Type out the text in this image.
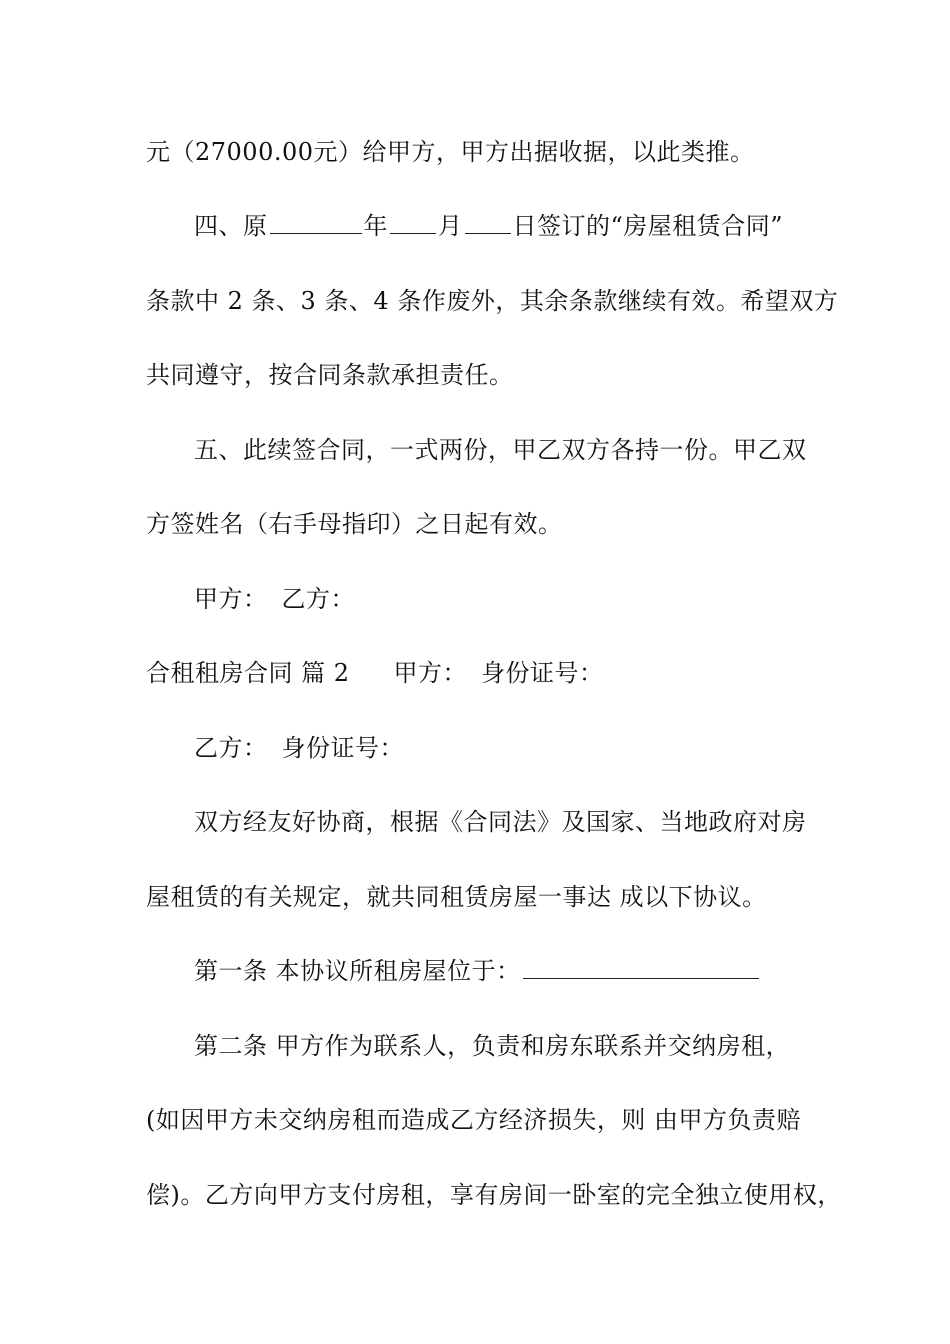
元（27000.00元）给甲方，甲方出据收据，以此类推。
四、原	年 月 日签订的“房屋租赁合同”
条款中 2 条、3 条、4 条作废外，其余条款继续有效。希望双方
共同遵守，按合同条款承担责任。
五、此续签合同，一式两份，甲乙双方各持一份。甲乙双
方签姓名（右手母指印）之日起有效。
甲方： 乙方：
合租租房合同 篇 2 甲方： 身份证号：
乙方： 身份证号：
双方经友好协商，根据《合同法》及国家、当地政府对房
屋租赁的有关规定，就共同租赁房屋一事达 成以下协议。
第一条 本协议所租房屋位于：
第二条 甲方作为联系人，负责和房东联系并交纳房租，
(如因甲方未交纳房租而造成乙方经济损失，则 由甲方负责赔
偿)。乙方向甲方支付房租，享有房间一卧室的完全独立使用权，
